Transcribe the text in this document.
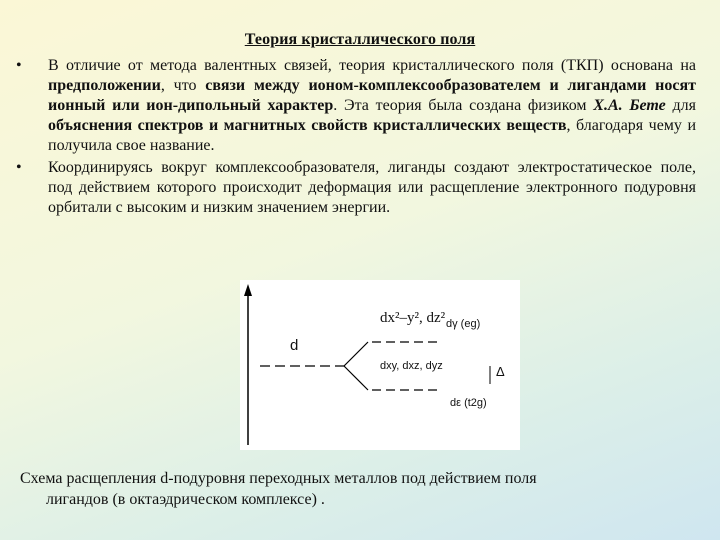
Теория кристаллического поля
• В отличие от метода валентных связей, теория кристаллического поля (ТКП) основана на предположении, что связи между ионом-комплексообразователем и лигандами носят ионный или ион-дипольный характер. Эта теория была создана физиком Х.А. Бете для объяснения спектров и магнитных свойств кристаллических веществ, благодаря чему и получила свое название.
• Координируясь вокруг комплексообразователя, лиганды создают электростатическое поле, под действием которого происходит деформация или расщепление электронного подуровня орбитали с высоким и низким значением энергии.
d
dx²–y², dz² dγ (eg)
dxy, dxz, dyz	Δ
dε (t2g)
Схема расщепления d-подуровня переходных металлов под действием поля
лигандов (в октаэдрическом комплексе) .
